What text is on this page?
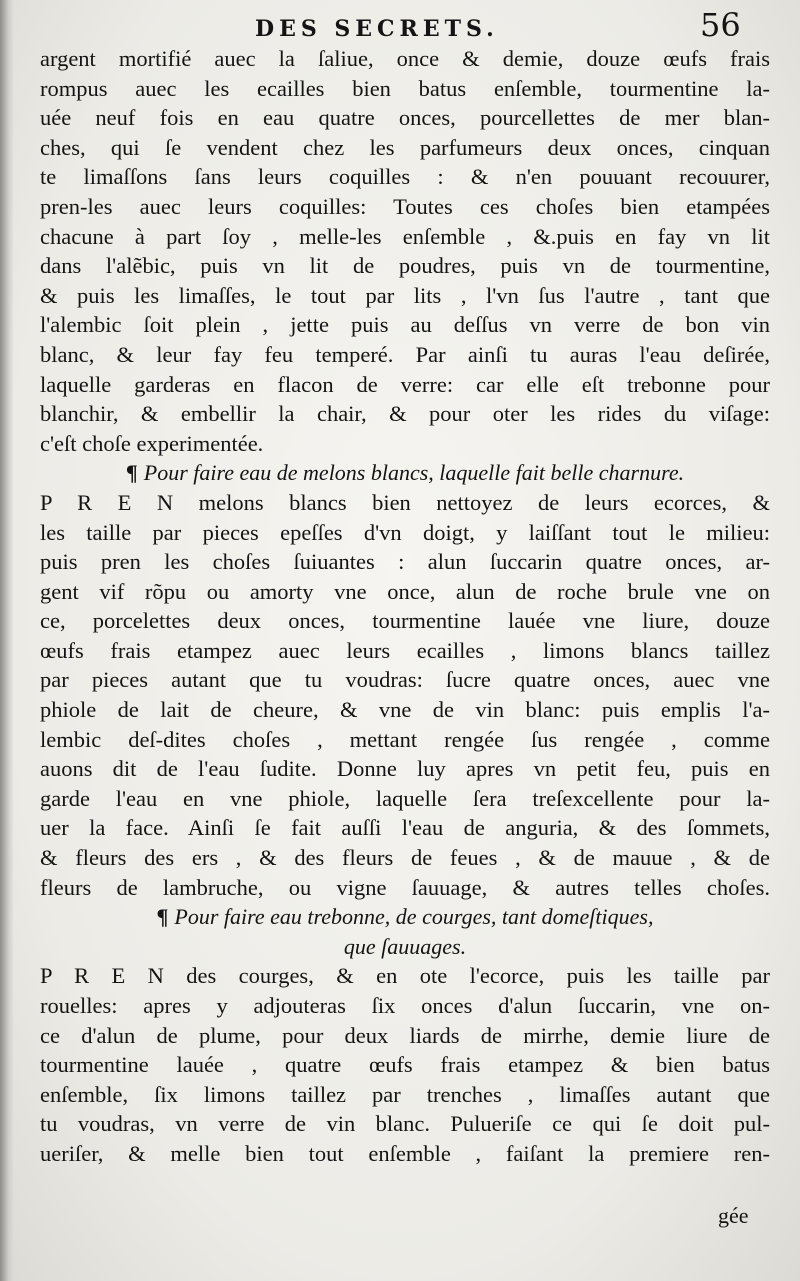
DES SECRETS.	56
argent mortifié auec la ſaliue, once & demie, douze œufs frais
rompus auec les ecailles bien batus enſemble, tourmentine la-
uée neuf fois en eau quatre onces, pourcellettes de mer blan-
ches, qui ſe vendent chez les parfumeurs deux onces, cinquan
te limaſſons ſans leurs coquilles : & n'en pouuant recouurer,
pren-les auec leurs coquilles: Toutes ces choſes bien etampées
chacune à part ſoy , melle-les enſemble , &.puis en fay vn lit
dans l'alẽbic, puis vn lit de poudres, puis vn de tourmentine,
& puis les limaſſes, le tout par lits , l'vn ſus l'autre , tant que
l'alembic ſoit plein , jette puis au deſſus vn verre de bon vin
blanc, & leur fay feu temperé. Par ainſi tu auras l'eau deſirée,
laquelle garderas en flacon de verre: car elle eſt trebonne pour
blanchir, & embellir la chair, & pour oter les rides du viſage:
c'eſt choſe experimentée.
¶ Pour faire eau de melons blancs, laquelle fait belle charnure.
P R E N melons blancs bien nettoyez de leurs ecorces, &
les taille par pieces epeſſes d'vn doigt, y laiſſant tout le milieu:
puis pren les choſes ſuiuantes : alun ſuccarin quatre onces, ar-
gent vif rõpu ou amorty vne once, alun de roche brule vne on
ce, porcelettes deux onces, tourmentine lauée vne liure, douze
œufs frais etampez auec leurs ecailles , limons blancs taillez
par pieces autant que tu voudras: ſucre quatre onces, auec vne
phiole de lait de cheure, & vne de vin blanc: puis emplis l'a-
lembic deſ-dites choſes , mettant rengée ſus rengée , comme
auons dit de l'eau ſudite. Donne luy apres vn petit feu, puis en
garde l'eau en vne phiole, laquelle ſera treſexcellente pour la-
uer la face. Ainſi ſe fait auſſi l'eau de anguria, & des ſommets,
& fleurs des ers , & des fleurs de feues , & de mauue , & de
fleurs de lambruche, ou vigne ſauuage, & autres telles choſes.
¶ Pour faire eau trebonne, de courges, tant domeſtiques,
que ſauuages.
P R E N des courges, & en ote l'ecorce, puis les taille par
rouelles: apres y adjouteras ſix onces d'alun ſuccarin, vne on-
ce d'alun de plume, pour deux liards de mirrhe, demie liure de
tourmentine lauée , quatre œufs frais etampez & bien batus
enſemble, ſix limons taillez par trenches , limaſſes autant que
tu voudras, vn verre de vin blanc. Pulueriſe ce qui ſe doit pul-
ueriſer, & melle bien tout enſemble , faiſant la premiere ren-
gée
